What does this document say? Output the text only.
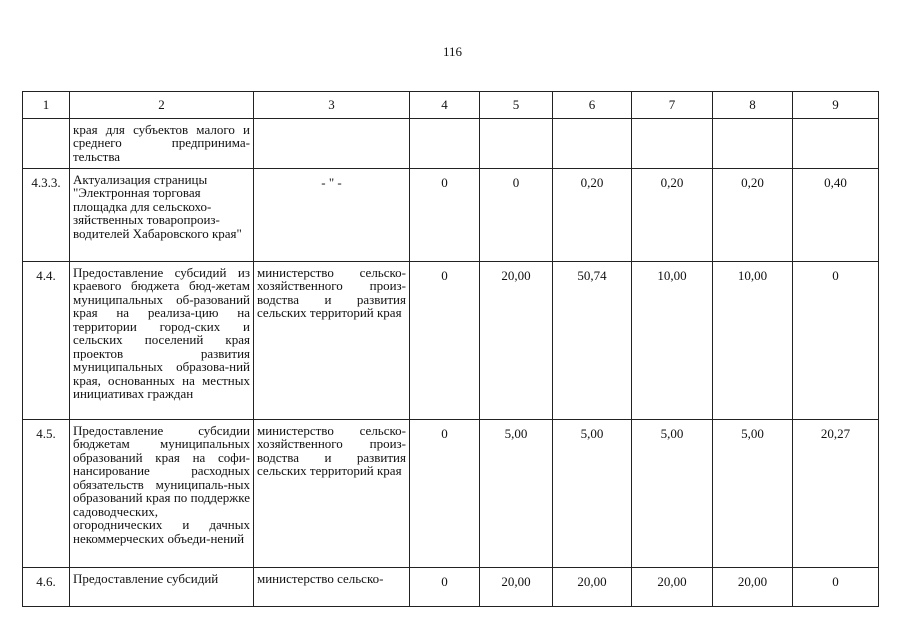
116
1	2	3	4	5	6	7	8	9
	края для субъектов малого и среднего предпринима-тельства							
4.3.3.	Актуализация страницы "Электронная торговая площадка для сельскохо-зяйственных товаропроиз-водителей Хабаровского края"	- " -	0	0	0,20	0,20	0,20	0,40
4.4.	Предоставление субсидий из краевого бюджета бюд-жетам муниципальных об-разований края на реализа-цию на территории город-ских и сельских поселений края проектов развития муниципальных образова-ний края, основанных на местных инициативах граждан	министерство сельско-хозяйственного произ-водства и развития сельских территорий края	0	20,00	50,74	10,00	10,00	0
4.5.	Предоставление субсидии бюджетам муниципальных образований края на софи-нансирование расходных обязательств муниципаль-ных образований края по поддержке садоводческих, огороднических и дачных некоммерческих объеди-нений	министерство сельско-хозяйственного произ-водства и развития сельских территорий края	0	5,00	5,00	5,00	5,00	20,27
4.6.	Предоставление субсидий	министерство сельско-	0	20,00	20,00	20,00	20,00	0
